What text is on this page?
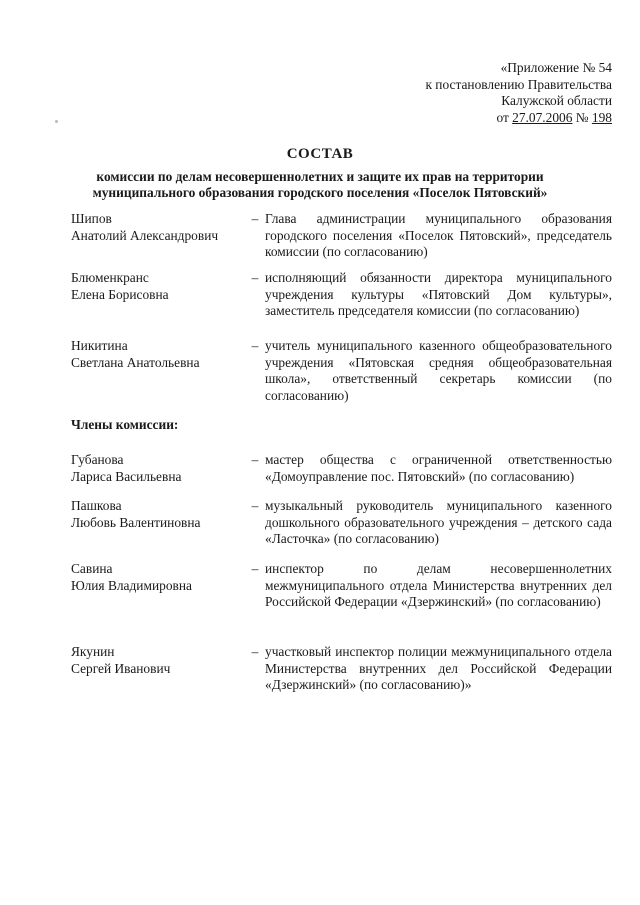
«Приложение № 54
к постановлению Правительства
Калужской области
от 27.07.2006 № 198
СОСТАВ
комиссии по делам несовершеннолетних и защите их прав на территории
муниципального образования городского поселения «Поселок Пятовский»
Шипов
Анатолий Александрович
– Глава администрации муниципального образования городского поселения «Поселок Пятовский», председатель комиссии (по согласованию)
Блюменкранс
Елена Борисовна
– исполняющий обязанности директора муниципального учреждения культуры «Пятовский Дом культуры», заместитель председателя комиссии (по согласованию)
Никитина
Светлана Анатольевна
– учитель муниципального казенного общеобразовательного учреждения «Пятовская средняя общеобразовательная школа», ответственный секретарь комиссии (по согласованию)
Члены комиссии:
Губанова
Лариса Васильевна
– мастер общества с ограниченной ответственностью «Домоуправление пос. Пятовский» (по согласованию)
Пашкова
Любовь Валентиновна
– музыкальный руководитель муниципального казенного дошкольного образовательного учреждения – детского сада «Ласточка» (по согласованию)
Савина
Юлия Владимировна
– инспектор по делам несовершеннолетних межмуниципального отдела Министерства внутренних дел Российской Федерации «Дзержинский» (по согласованию)
Якунин
Сергей Иванович
– участковый инспектор полиции межмуниципального отдела Министерства внутренних дел Российской Федерации «Дзержинский» (по согласованию)»
